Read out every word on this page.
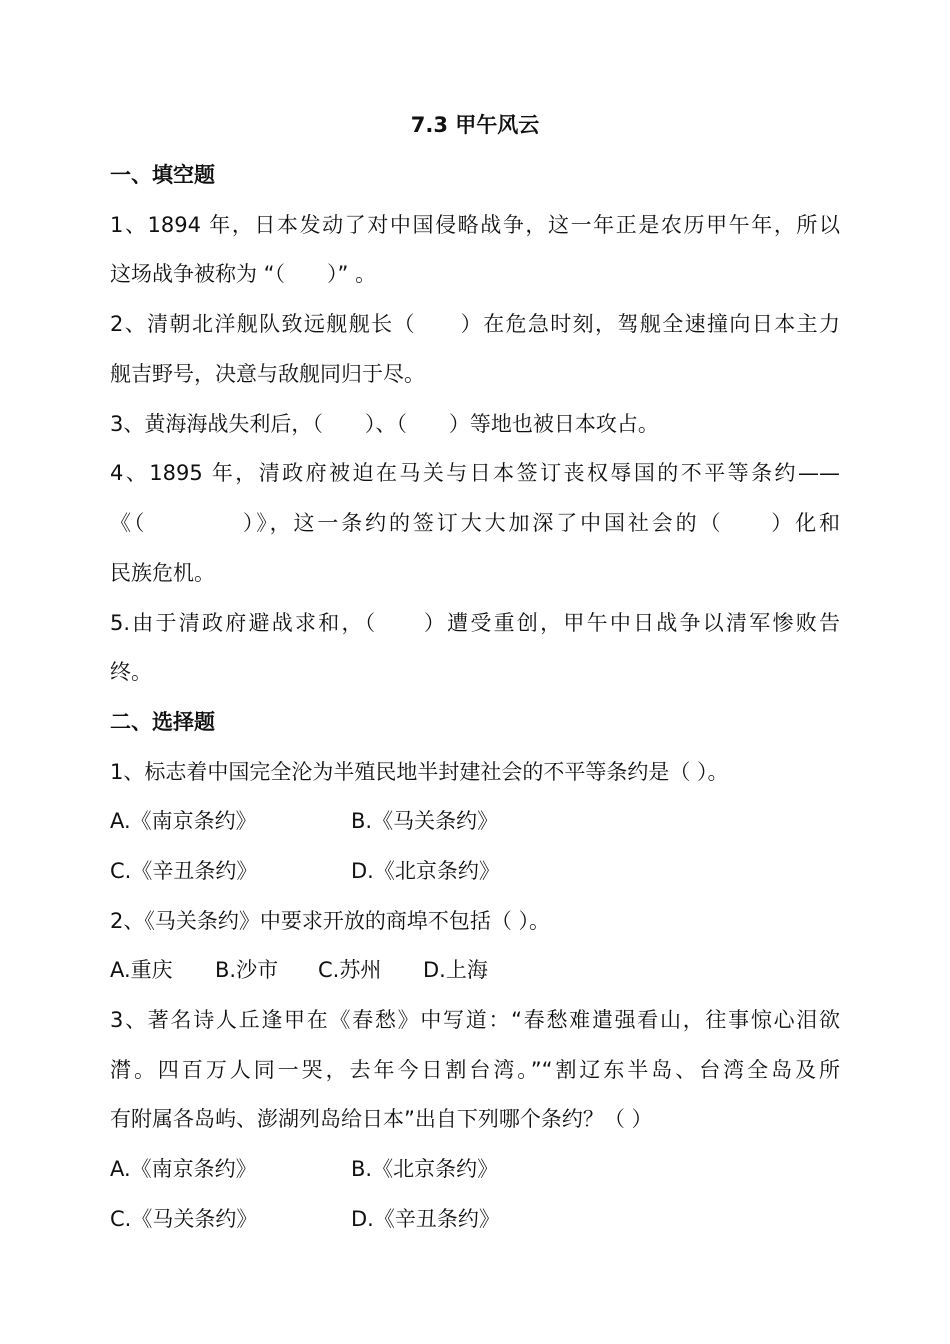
7.3 甲午风云
一、填空题
1、1894 年，日本发动了对中国侵略战争，这一年正是农历甲午年，所以
这场战争被称为 “（　　）” 。
2、清朝北洋舰队致远舰舰长（　　）在危急时刻，驾舰全速撞向日本主力
舰吉野号，决意与敌舰同归于尽。
3、黄海海战失利后，（　　）、（　　）等地也被日本攻占。
4、1895 年，清政府被迫在马关与日本签订丧权辱国的不平等条约——
《（　　　　）》，这一条约的签订大大加深了中国社会的（　　）化和
民族危机。
5.由于清政府避战求和，（　　）遭受重创，甲午中日战争以清军惨败告
终。
二、选择题
1、标志着中国完全沦为半殖民地半封建社会的不平等条约是（ ）。
A.《南京条约》	B.《马关条约》
C.《辛丑条约》	D.《北京条约》
2、《马关条约》中要求开放的商埠不包括（ ）。
A.重庆 B.沙市 C.苏州 D.上海
3、著名诗人丘逢甲在《春愁》中写道：“春愁难遣强看山，往事惊心泪欲
潸。四百万人同一哭，去年今日割台湾。”“割辽东半岛、台湾全岛及所
有附属各岛屿、澎湖列岛给日本”出自下列哪个条约？（ ）
A.《南京条约》	B.《北京条约》
C.《马关条约》	D.《辛丑条约》
